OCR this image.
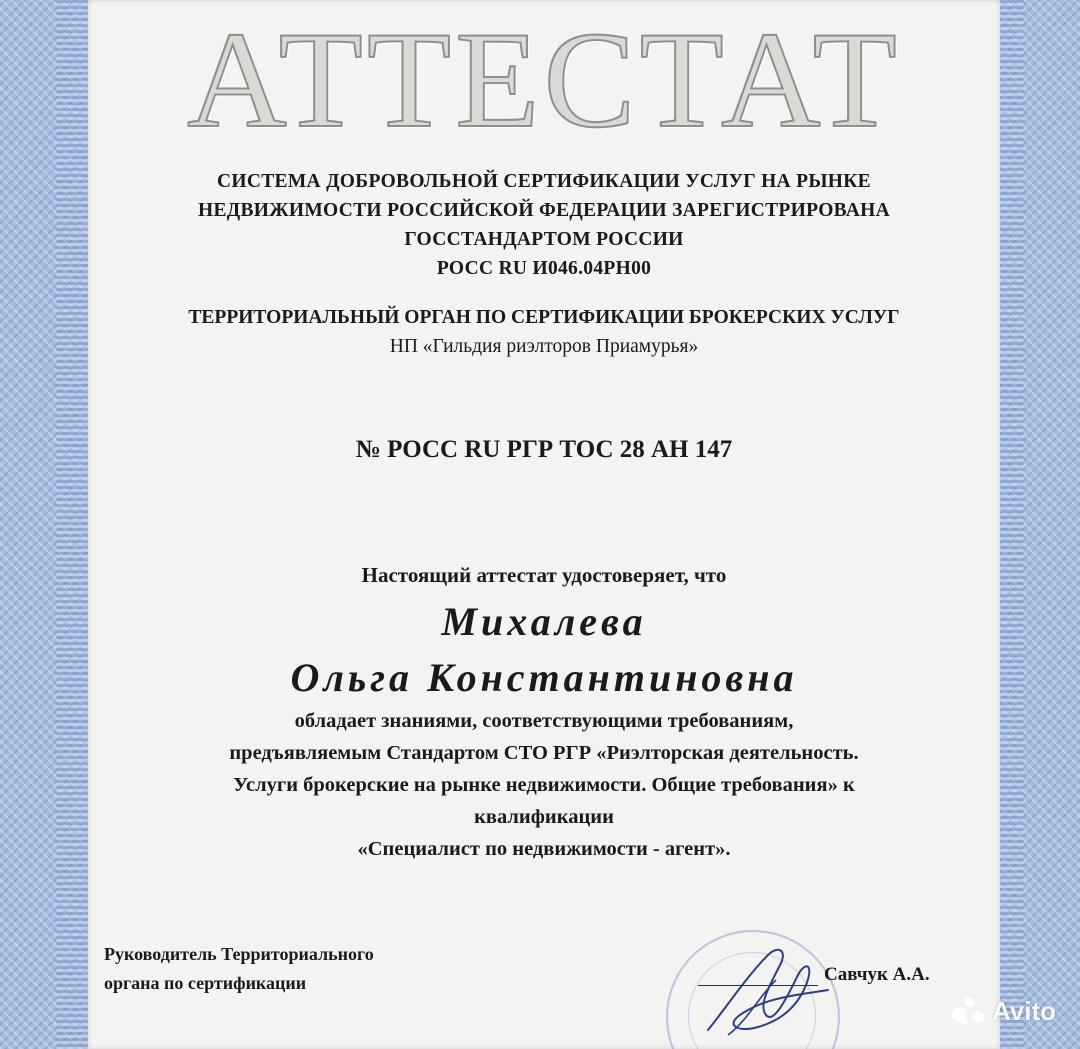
АТТЕСТАТ
СИСТЕМА ДОБРОВОЛЬНОЙ СЕРТИФИКАЦИИ УСЛУГ НА РЫНКЕ
НЕДВИЖИМОСТИ РОССИЙСКОЙ ФЕДЕРАЦИИ ЗАРЕГИСТРИРОВАНА
ГОССТАНДАРТОМ РОССИИ
РОСС RU И046.04РН00
ТЕРРИТОРИАЛЬНЫЙ ОРГАН ПО СЕРТИФИКАЦИИ БРОКЕРСКИХ УСЛУГ
НП «Гильдия риэлторов Приамурья»
№ РОСС RU РГР ТОС 28 АН 147
Настоящий аттестат удостоверяет, что
Михалева
Ольга Константиновна
обладает знаниями, соответствующими требованиям,
предъявляемым Стандартом СТО РГР «Риэлторская деятельность.
Услуги брокерские на рынке недвижимости. Общие требования» к
квалификации
«Специалист по недвижимости - агент».
Руководитель Территориального
органа по сертификации	Савчук А.А.
Avito
